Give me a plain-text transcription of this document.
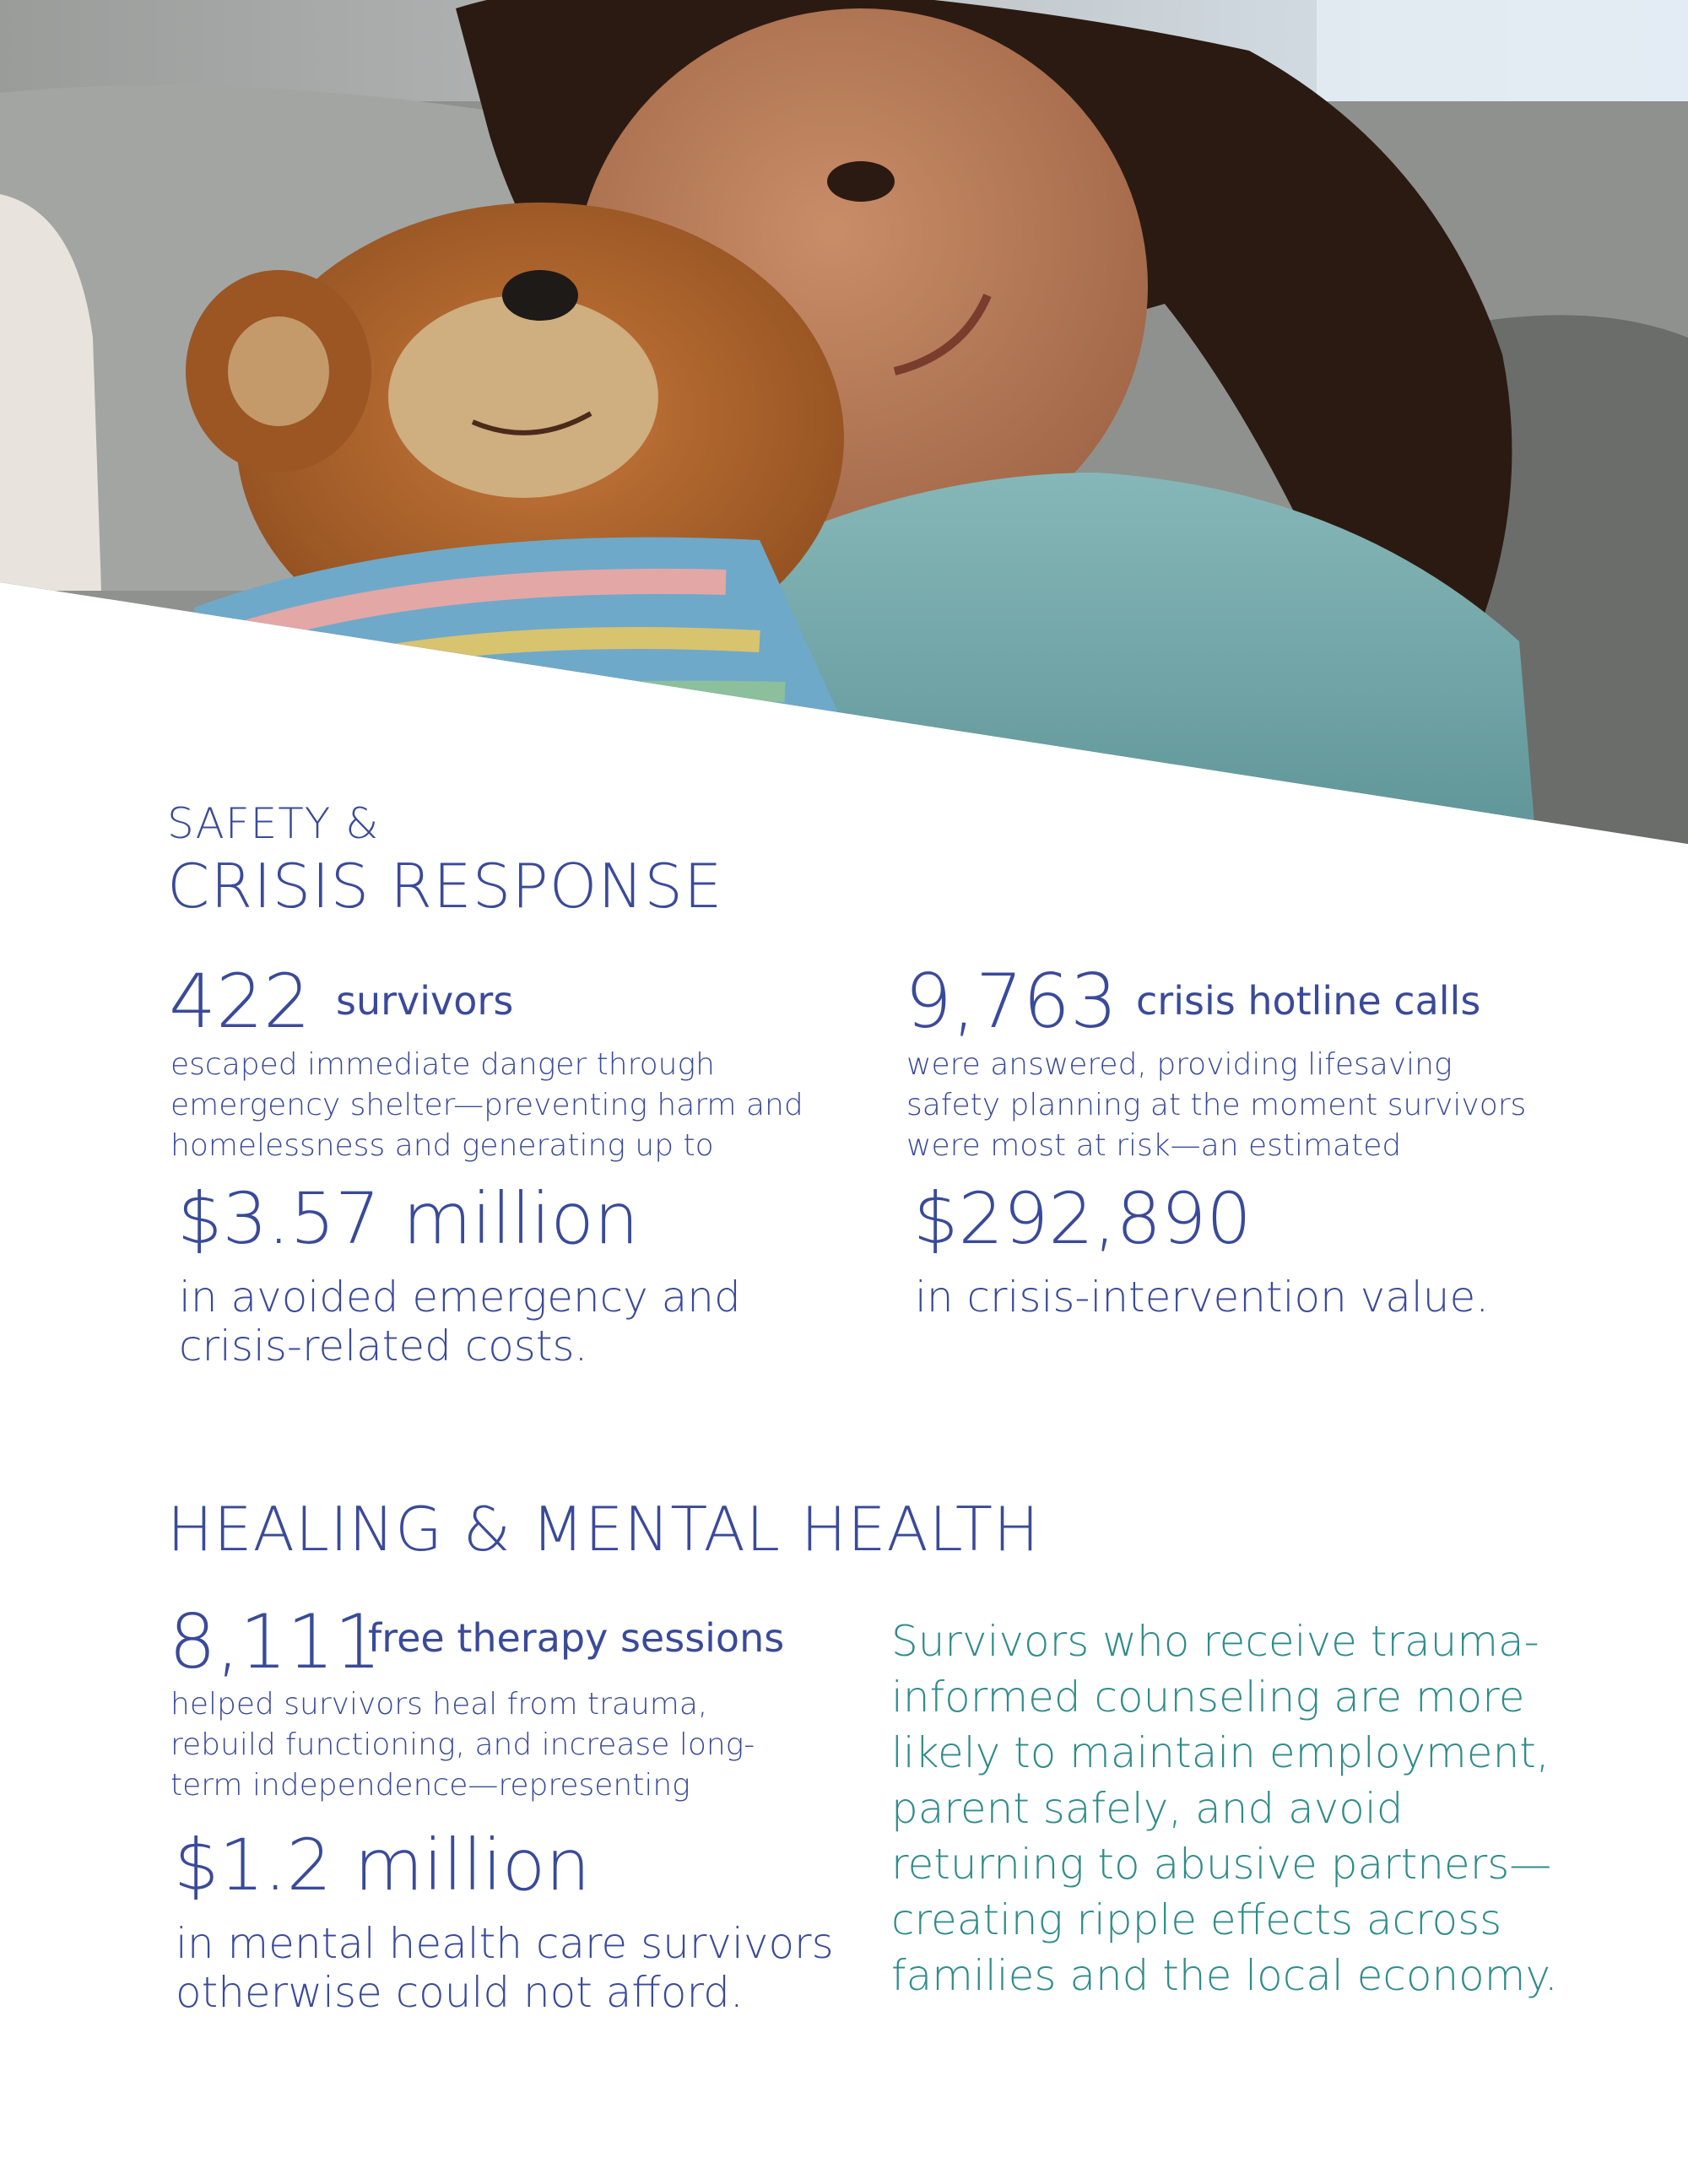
SAFETY &
CRISIS RESPONSE
422 survivors

escaped immediate danger through
emergency shelter—preventing harm and
homelessness and generating up to

$3.57 million

in avoided emergency and
crisis-related costs.

9,763 crisis hotline calls

were answered, providing lifesaving
safety planning at the moment survivors
were most at risk—an estimated

$292,890

in crisis-intervention value.

HEALING & MENTAL HEALTH
8,111
free therapy sessions

helped survivors heal from trauma,
rebuild functioning, and increase long-
term independence—representing

$1.2 million

in mental health care survivors
otherwise could not afford.

Survivors who receive trauma-
informed counseling are more
likely to maintain employment,
parent safely, and avoid
returning to abusive partners—
creating ripple effects across
families and the local economy.
